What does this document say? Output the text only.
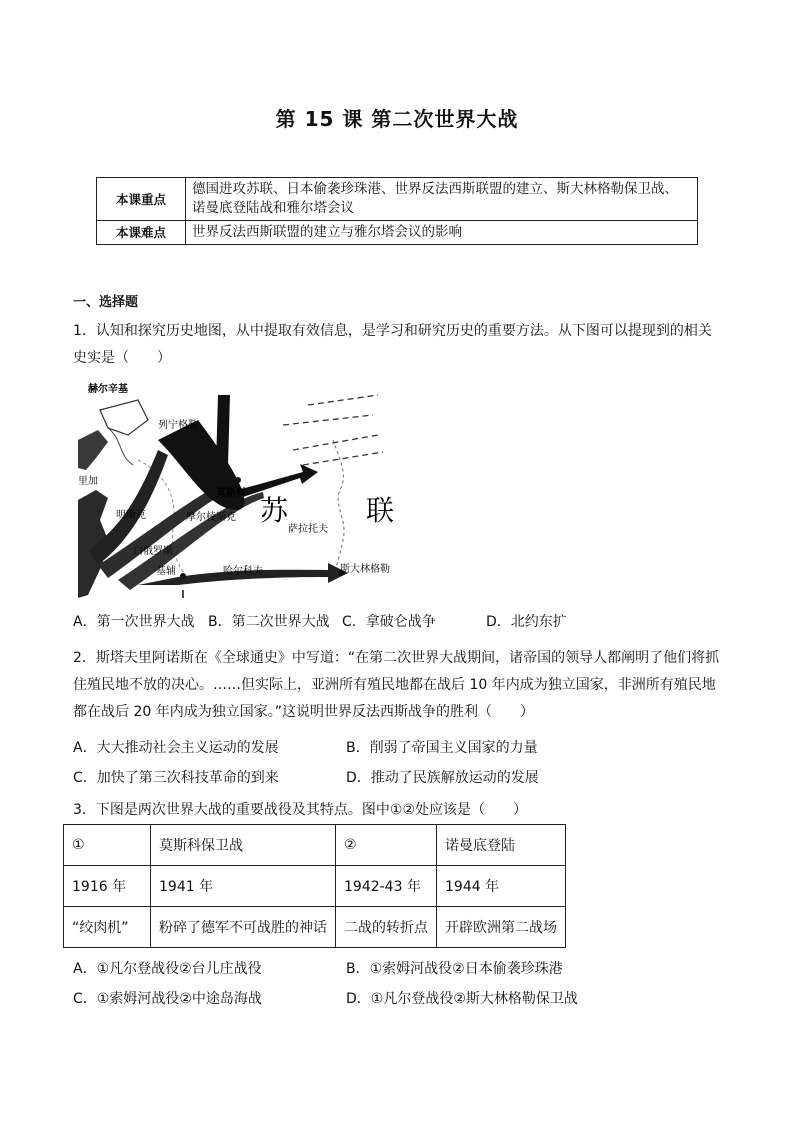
第 15 课 第二次世界大战
本课重点	德国进攻苏联、日本偷袭珍珠港、世界反法西斯联盟的建立、斯大林格勒保卫战、诺曼底登陆战和雅尔塔会议
本课难点	世界反法西斯联盟的建立与雅尔塔会议的影响
一、选择题
1．认知和探究历史地图，从中提取有效信息，是学习和研究历史的重要方法。从下图可以提现到的相关史实是（　　）
赫尔辛基
列宁格勒
里加
莫斯科
明斯克	摩尔棱斯克
白俄罗斯
基辅	哈尔科夫	斯大林格勒
萨拉托夫
苏	联
A．第一次世界大战 B．第二次世界大战 C．拿破仑战争	D．北约东扩
2．斯塔夫里阿诺斯在《全球通史》中写道：“在第二次世界大战期间，诸帝国的领导人都阐明了他们将抓住殖民地不放的决心。……但实际上，亚洲所有殖民地都在战后 10 年内成为独立国家，非洲所有殖民地都在战后 20 年内成为独立国家。”这说明世界反法西斯战争的胜利（　　）
A．大大推动社会主义运动的发展	B．削弱了帝国主义国家的力量
C．加快了第三次科技革命的到来	D．推动了民族解放运动的发展
3．下图是两次世界大战的重要战役及其特点。图中①②处应该是（　　）
①	莫斯科保卫战	②	诺曼底登陆
1916 年	1941 年	1942-43 年	1944 年
“绞肉机”	粉碎了德军不可战胜的神话	二战的转折点	开辟欧洲第二战场
A．①凡尔登战役②台儿庄战役	B．①索姆河战役②日本偷袭珍珠港
C．①索姆河战役②中途岛海战	D．①凡尔登战役②斯大林格勒保卫战
